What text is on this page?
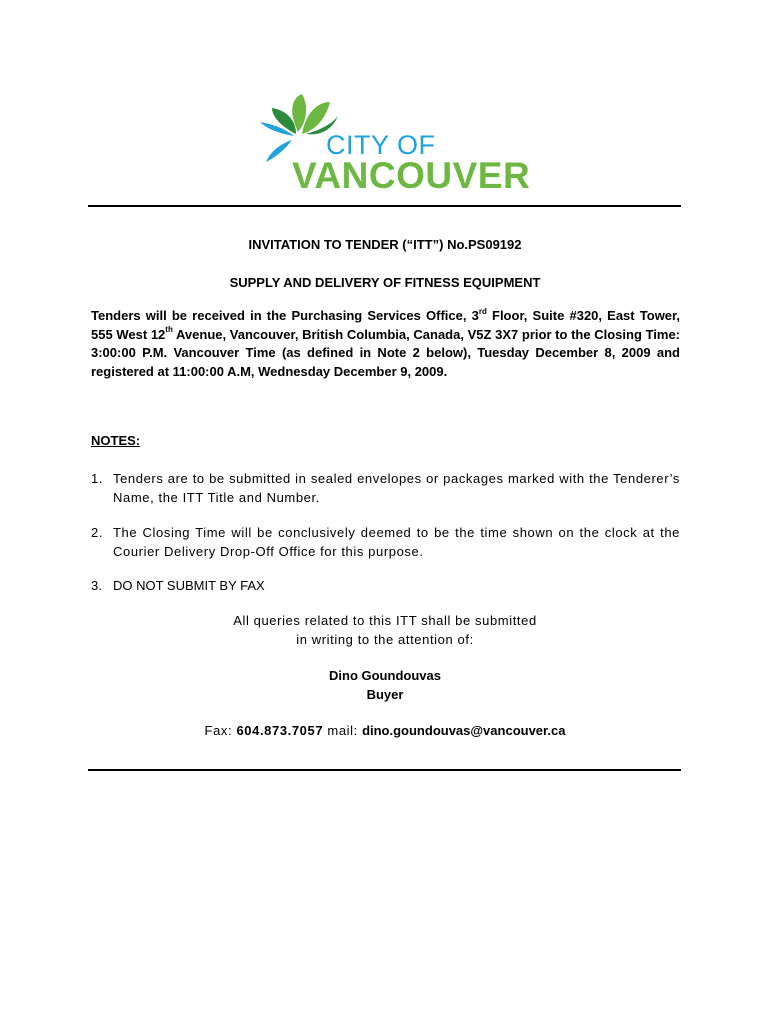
CITY OF
VANCOUVER
INVITATION TO TENDER (“ITT”) No.PS09192
SUPPLY AND DELIVERY OF FITNESS EQUIPMENT
Tenders will be received in the Purchasing Services Office, 3rd Floor, Suite #320, East Tower, 555 West 12th Avenue, Vancouver, British Columbia, Canada, V5Z 3X7 prior to the Closing Time: 3:00:00 P.M. Vancouver Time (as defined in Note 2 below), Tuesday December 8, 2009 and registered at 11:00:00 A.M, Wednesday December 9, 2009.
NOTES:
1. Tenders are to be submitted in sealed envelopes or packages marked with the Tenderer’s Name, the ITT Title and Number.
2. The Closing Time will be conclusively deemed to be the time shown on the clock at the Courier Delivery Drop-Off Office for this purpose.
3. DO NOT SUBMIT BY FAX
All queries related to this ITT shall be submitted
in writing to the attention of:
Dino Goundouvas
Buyer
Fax: 604.873.7057 mail: dino.goundouvas@vancouver.ca
